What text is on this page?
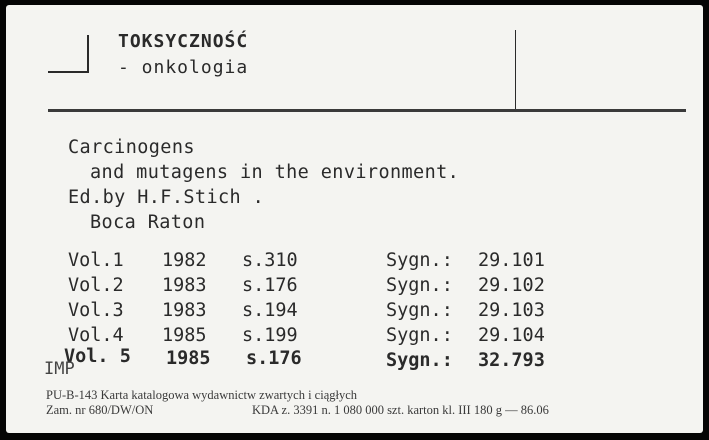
TOKSYCZNOŚĆ
- onkologia
Carcinogens
and mutagens in the environment.
Ed.by H.F.Stich .
Boca Raton
Vol.1 1982 s.310	Sygn.: 29.101
Vol.2 1983 s.176	Sygn.: 29.102
Vol.3 1983 s.194	Sygn.: 29.103
Vol.4 1985 s.199	Sygn.: 29.104
Vol. 5 1985 s.176	Sygn.: 32.793
IMP
PU-B-143 Karta katalogowa wydawnictw zwartych i ciągłych
Zam. nr 680/DW/ON	KDA z. 3391 n. 1 080 000 szt. karton kl. III 180 g — 86.06
